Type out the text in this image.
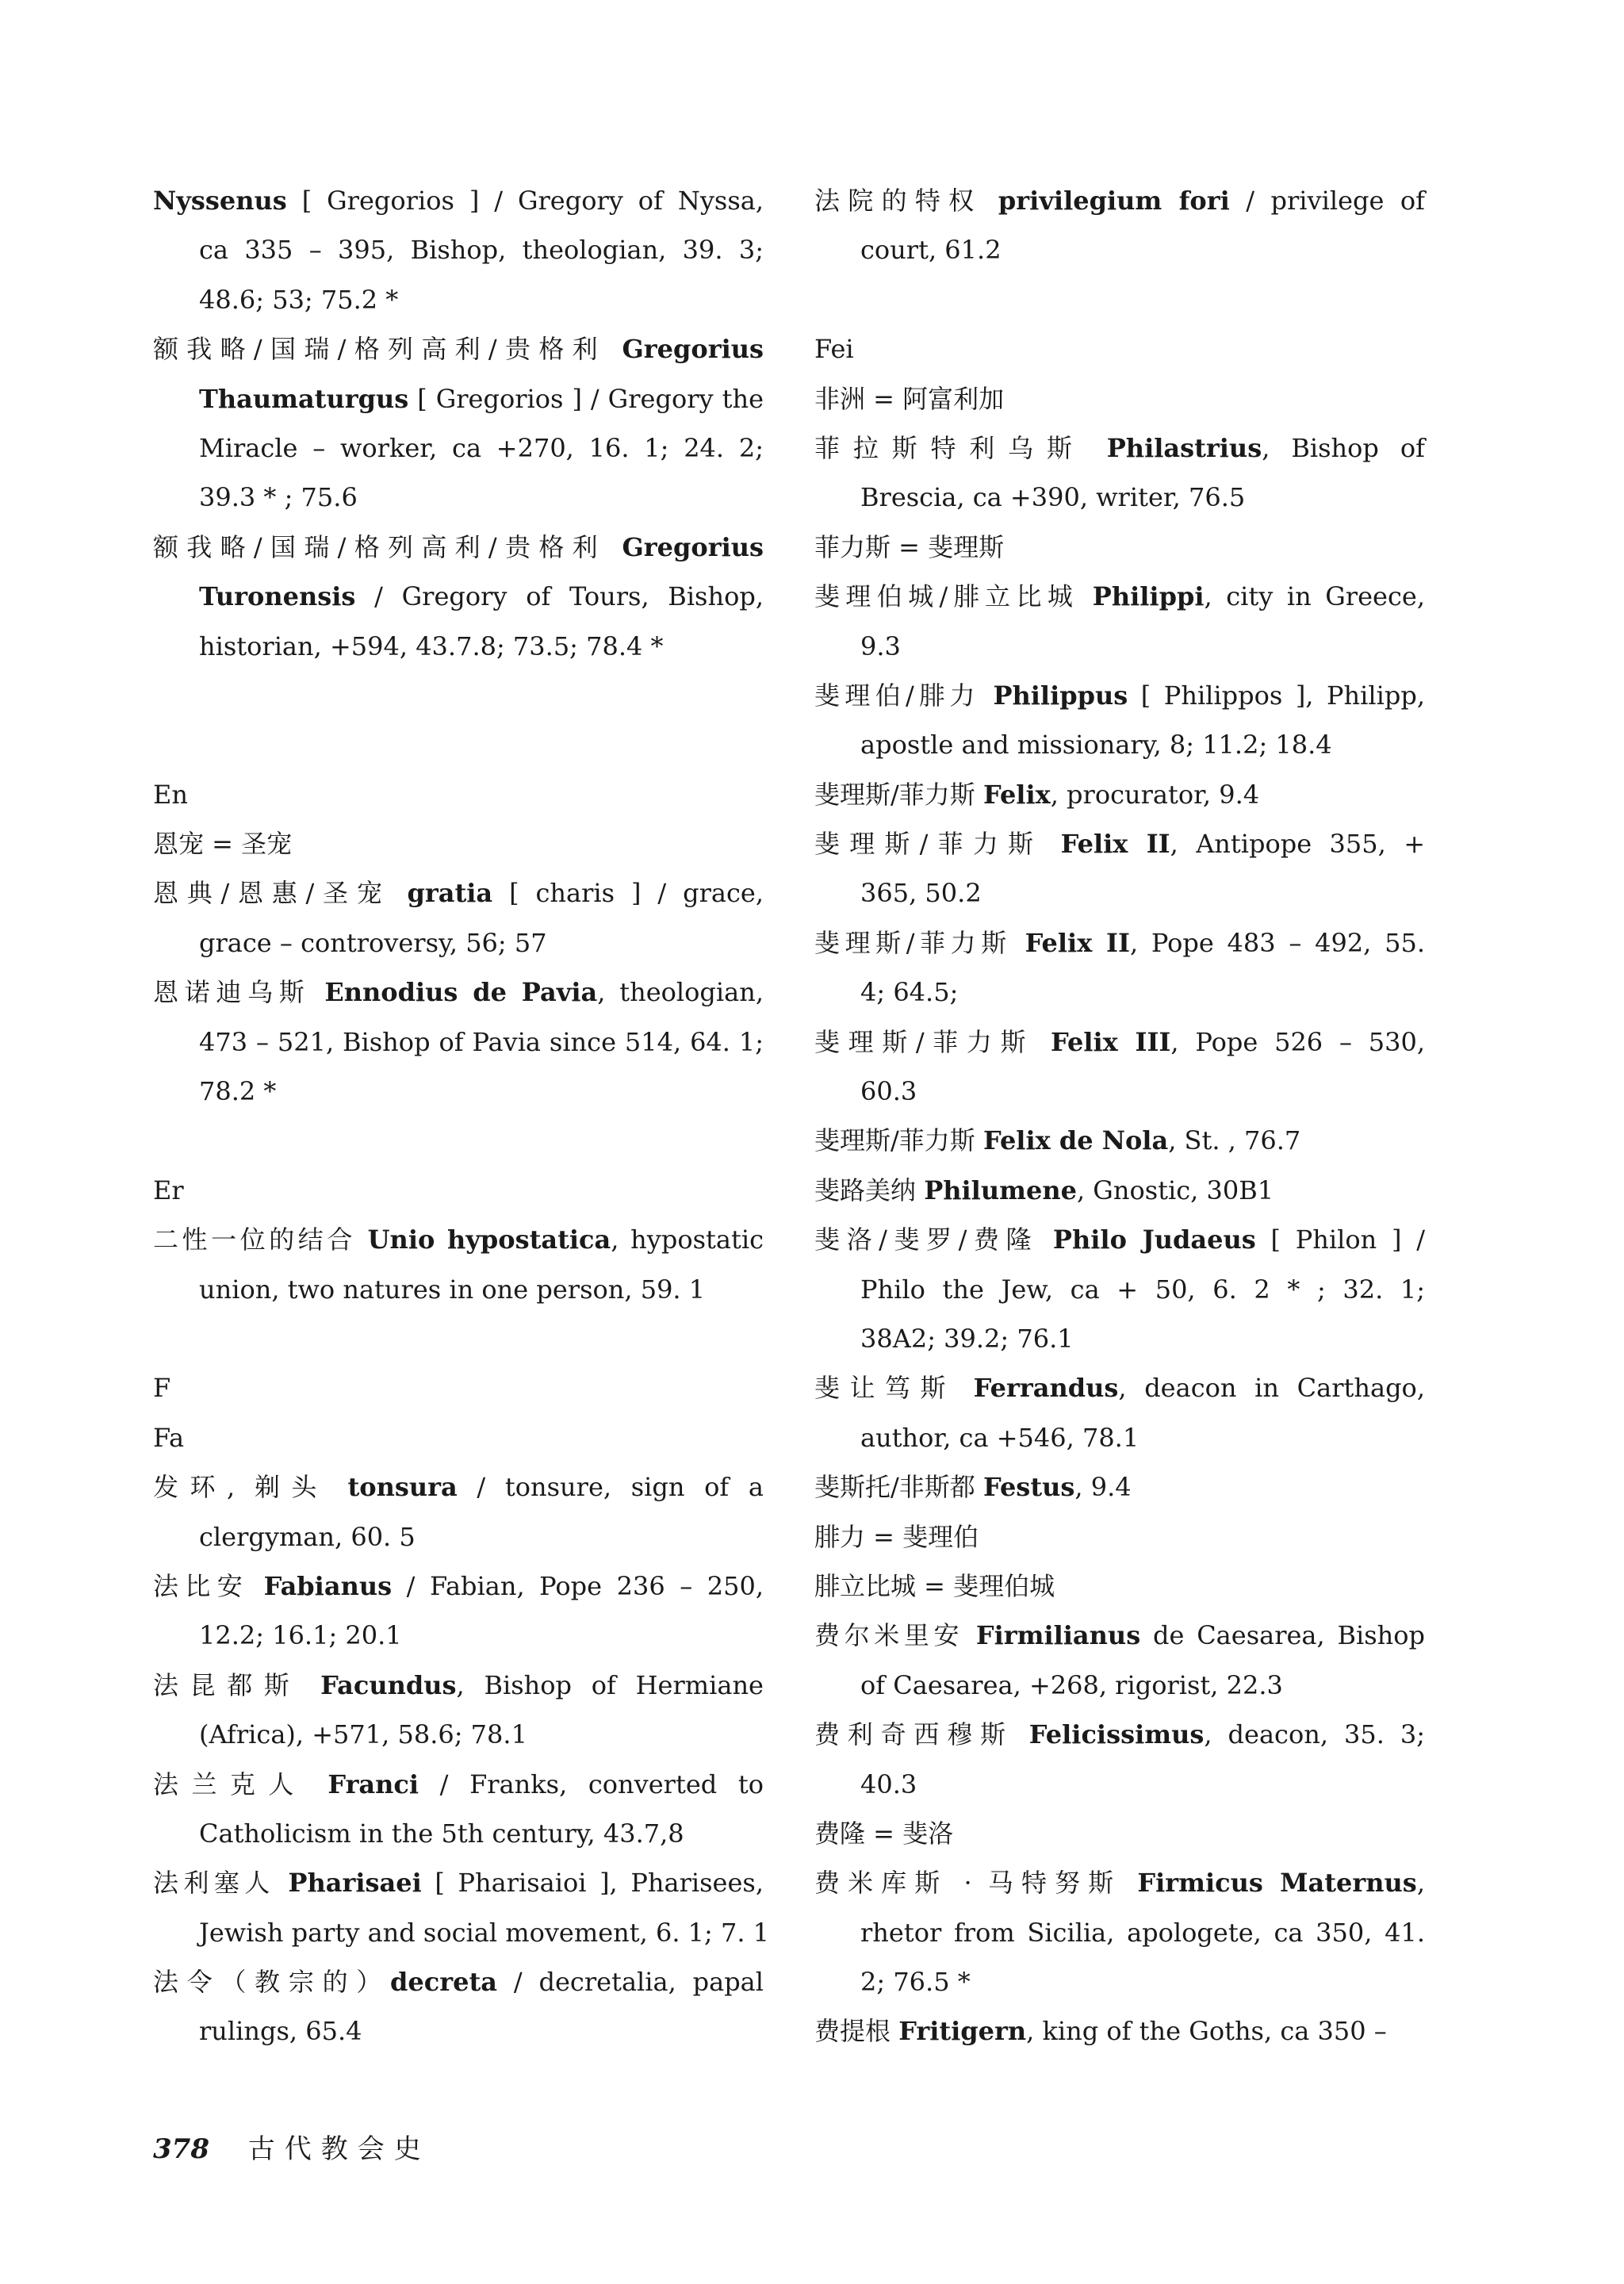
Nyssenus [ Gregorios ] / Gregory of Nyssa,
ca 335 – 395, Bishop, theologian, 39. 3;
48.6; 53; 75.2 *
额我略/国瑞/格列高利/贵格利 Gregorius
Thaumaturgus [ Gregorios ] / Gregory the
Miracle – worker, ca +270, 16. 1; 24. 2;
39.3 * ; 75.6
额我略/国瑞/格列高利/贵格利 Gregorius
Turonensis / Gregory of Tours, Bishop,
historian, +594, 43.7.8; 73.5; 78.4 *
En
恩宠 = 圣宠
恩典/恩惠/圣宠 gratia [ charis ] / grace,
grace – controversy, 56; 57
恩诺迪乌斯 Ennodius de Pavia, theologian,
473 – 521, Bishop of Pavia since 514, 64. 1;
78.2 *
Er
二性一位的结合 Unio hypostatica, hypostatic
union, two natures in one person, 59. 1
F
Fa
发环, 剃头 tonsura / tonsure, sign of a
clergyman, 60. 5
法比安 Fabianus / Fabian, Pope 236 – 250,
12.2; 16.1; 20.1
法昆都斯 Facundus, Bishop of Hermiane
(Africa), +571, 58.6; 78.1
法兰克人 Franci / Franks, converted to
Catholicism in the 5th century, 43.7,8
法利塞人 Pharisaei [ Pharisaioi ], Pharisees,
Jewish party and social movement, 6. 1; 7. 1
法令（教宗的）decreta / decretalia, papal
rulings, 65.4
法院的特权 privilegium fori / privilege of
court, 61.2
Fei
非洲 = 阿富利加
菲拉斯特利乌斯 Philastrius, Bishop of
Brescia, ca +390, writer, 76.5
菲力斯 = 斐理斯
斐理伯城/腓立比城 Philippi, city in Greece,
9.3
斐理伯/腓力 Philippus [ Philippos ], Philipp,
apostle and missionary, 8; 11.2; 18.4
斐理斯/菲力斯 Felix, procurator, 9.4
斐理斯/菲力斯 Felix II, Antipope 355, +
365, 50.2
斐理斯/菲力斯 Felix II, Pope 483 – 492, 55.
4; 64.5;
斐理斯/菲力斯 Felix III, Pope 526 – 530,
60.3
斐理斯/菲力斯 Felix de Nola, St. , 76.7
斐路美纳 Philumene, Gnostic, 30B1
斐洛/斐罗/费隆 Philo Judaeus [ Philon ] /
Philo the Jew, ca + 50, 6. 2 * ; 32. 1;
38A2; 39.2; 76.1
斐让笃斯 Ferrandus, deacon in Carthago,
author, ca +546, 78.1
斐斯托/非斯都 Festus, 9.4
腓力 = 斐理伯
腓立比城 = 斐理伯城
费尔米里安 Firmilianus de Caesarea, Bishop
of Caesarea, +268, rigorist, 22.3
费利奇西穆斯 Felicissimus, deacon, 35. 3;
40.3
费隆 = 斐洛
费米库斯 · 马特努斯 Firmicus Maternus,
rhetor from Sicilia, apologete, ca 350, 41.
2; 76.5 *
费提根 Fritigern, king of the Goths, ca 350 –
378 古代教会史
